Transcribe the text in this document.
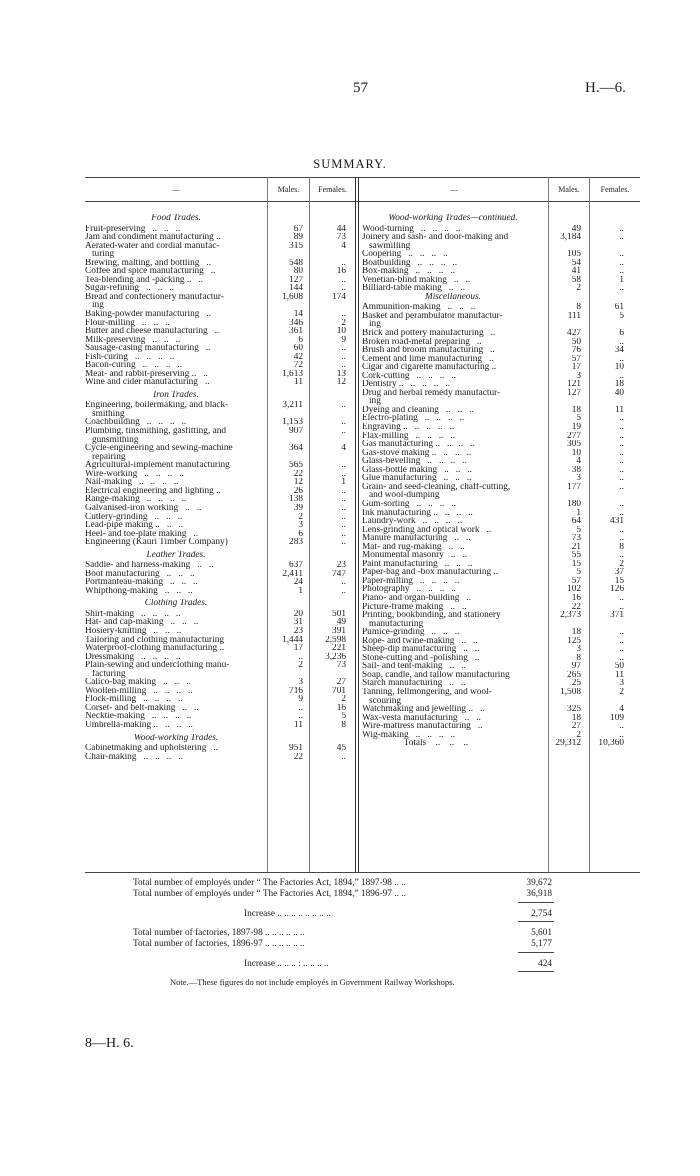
57	H.—6.
SUMMARY.
—	Males.	Females.	—	Males.	Females.
Food Trades.
Fruit-preserving   ..   ..   ..	67	44
Jam and condiment manufacturing ..	89	73
Aerated-water and cordial manufac-	315	4
turing
Brewing, malting, and bottling   ..	548	..
Coffee and spice manufacturing   ..	80	16
Tea-blending and -packing ..   ..	127	..
Sugar-refining   ..   ..   ..	144	..
Bread and confectionery manufactur-	1,608	174
ing
Baking-powder manufacturing   ..	14	..
Flour-milling   ..   ..   ..	346	2
Butter and cheese manufacturing   ..	361	10
Milk-preserving   ..   ..   ..	6	9
Sausage-casing manufacturing   ..	60	..
Fish-curing   ..   ..   ..   ..	42	..
Bacon-curing   ..   ..   ..   ..	72	..
Meat- and rabbit-preserving ..   ..	1,613	13
Wine and cider manufacturing   ..	11	12
Iron Trades.
Engineering, boilermaking, and black-	3,211	..
smithing
Coachbuilding   ..   ..   ..   ..	1,153	..
Plumbing, tinsmithing, gasfitting, and	907	..
gunsmithing
Cycle-engineering and sewing-machine	364	4
repairing
Agricultural-implement manufacturing	565	..
Wire-working   ..   ..   ..   ..	22	..
Nail-making   ..   ..   ..   ..	12	1
Electrical engineering and lighting ..	26	..
Range-making   ..   ..   ..   ..	138	..
Galvanised-iron working   ..   ..	39	..
Cutlery-grinding   ..   ..   ..	2	..
Lead-pipe making ..   ..   ..	3	..
Heel- and toe-plate making   ..	6	..
Engineering (Kauri Timber Company)	283	..
Leather Trades.
Saddle- and harness-making   ..   ..	637	23
Boot manufacturing   ..   ..   ..	2,411	747
Portmanteau-making   ..   ..   ..	24	..
Whipthong-making   ..   ..   ..	1	..
Clothing Trades.
Shirt-making   ..   ..   ..   ..	20	501
Hat- and cap-making   ..   ..   ..	31	49
Hosiery-knitting   ..   ..   ..	23	391
Tailoring and clothing manufacturing	1,444	2,598
Waterproof-clothing manufacturing ..	17	221
Dressmaking   ..   ..   ..   ..	..	3,236
Plain-sewing and underclothing manu-	2	73
facturing
Calico-bag making   ..   ..   ..	3	27
Woollen-milling   ..   ..   ..   ..	716	701
Flock-milling   ..   ..   ..   ..	9	2
Corset- and belt-making   ..   ..	..	16
Necktie-making   ..   ..   ..   ..	..	5
Umbrella-making ..   ..   ..   ..	11	8
Wood-working Trades.
Cabinetmaking and upholstering   ..	951	45
Chair-making   ..   ..   ..   ..	22	..
Wood-working Trades—continued.
Wood-turning   ..   ..   ..   ..	49	..
Joinery and sash- and door-making and	3,184	..
sawmilling
Coopering   ..   ..   ..   ..	105	..
Boatbuilding   ..   ..   ..   ..	54	..
Box-making   ..   ..   ..   ..	41	..
Venetian-blind making   ..   ..	58	1
Billiard-table making   ..   ..	2	..
Miscellaneous.
Ammunition-making   ..   ..   ..	8	61
Basket and perambulator manufactur-	111	5
ing
Brick and pottery manufacturing   ..	427	6
Broken road-metal preparing   ..	50	..
Brush and broom manufacturing   ..	76	34
Cement and lime manufacturing   ..	57	..
Cigar and cigarette manufacturing ..	17	10
Cork-cutting   ..   ..   ..   ..	3	..
Dentistry ..   ..   ..   ..   ..	121	18
Drug and herbal remedy manufactur-	127	40
ing
Dyeing and cleaning   ..   ..   ..	18	11
Electro-plating   ..   ..   ..   ..	5	..
Engraving ..   ..   ..   ..   ..	19	..
Flax-milling   ..   ..   ..   ..	277	..
Gas manufacturing ..   ..   ..   ..	305	..
Gas-stove making ..   ..   ..   ..	10	..
Glass-bevelling   ..   ..   ..   ..	4	..
Glass-bottle making   ..   ..   ..	38	..
Glue manufacturing   ..   ..   ..	3	..
Grain- and seed-cleaning, chaff-cutting,	177	..
and wool-dumping
Gum-sorting   ..   ..   ..   ..	180	..
Ink manufacturing ..   ..   ..   ..	1	..
Laundry-work   ..   ..   ..   ..	64	431
Lens-grinding and optical work   ..	5	..
Manure manufacturing   ..   ..	73	..
Mat- and rug-making   ..   ..	21	8
Monumental masonry   ..   ..	55	..
Paint manufacturing   ..   ..   ..	15	2
Paper-bag and -box manufacturing ..	5	37
Paper-milling   ..   ..   ..   ..	57	15
Photography   ..   ..   ..   ..	102	126
Piano- and organ-building   ..	16	..
Picture-frame making   ..   ..	22	..
Printing, bookbinding, and stationery	2,373	371
manufacturing
Pumice-grinding   ..   ..   ..	18	..
Rope- and twine-making   ..   ..	125	..
Sheep-dip manufacturing   ..   ..	3	..
Stone-cutting and -polishing   ..	8	..
Sail- and tent-making   ..   ..	97	50
Soap, candle, and tallow manufacturing	265	11
Starch manufacturing   ..   ..	25	3
Tanning, fellmongering, and wool-	1,508	2
scouring
Watchmaking and jewelling ..   ..	325	4
Wax-vesta manufacturing   ..   ..	18	109
Wire-mattress manufacturing   ..	27	..
Wig-making   ..   ..   ..   ..	2	..
Totals    ..    ..    ..	29,312	10,360
Total number of employés under “ The Factories Act, 1894,” 1897-98 .. ..	39,672
Total number of employés under “ The Factories Act, 1894,” 1896-97 .. ..	36,918
Increase .. .. .. .. .. .. .. ..	2,754
Total number of factories, 1897-98 .. .. .. .. .. ..	5,601
Total number of factories, 1896-97 .. .. .. .. .. ..	5,177
Increase .. .. .. : .. .. .. ..	424
Note.—These figures do not include employés in Government Railway Workshops.
8—H. 6.
